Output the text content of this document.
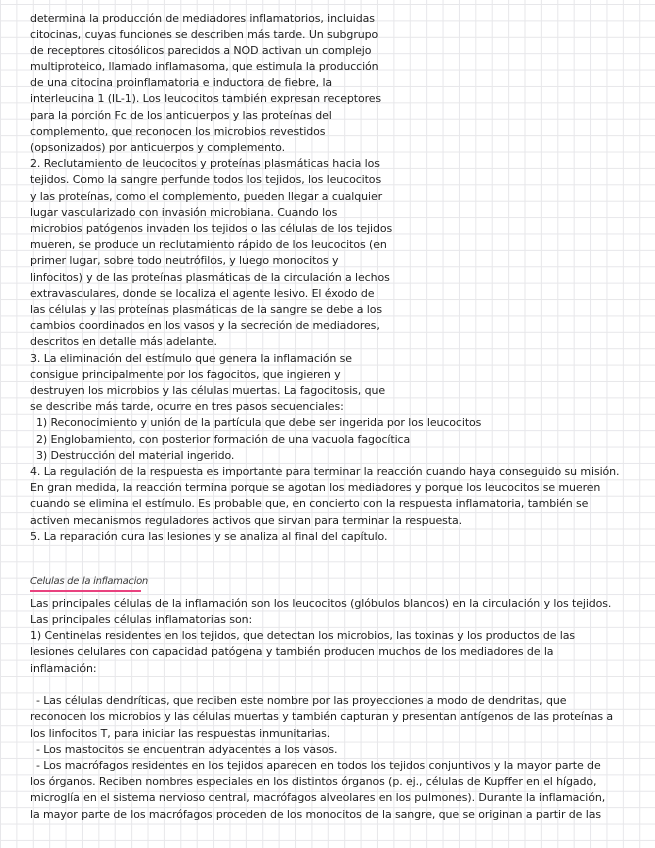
determina la producción de mediadores inflamatorios, incluidas
citocinas, cuyas funciones se describen más tarde. Un subgrupo
de receptores citosólicos parecidos a NOD activan un complejo
multiproteico, llamado inflamasoma, que estimula la producción
de una citocina proinflamatoria e inductora de fiebre, la
interleucina 1 (IL-1). Los leucocitos también expresan receptores
para la porción Fc de los anticuerpos y las proteínas del
complemento, que reconocen los microbios revestidos
(opsonizados) por anticuerpos y complemento.
2. Reclutamiento de leucocitos y proteínas plasmáticas hacia los
tejidos. Como la sangre perfunde todos los tejidos, los leucocitos
y las proteínas, como el complemento, pueden llegar a cualquier
lugar vascularizado con invasión microbiana. Cuando los
microbios patógenos invaden los tejidos o las células de los tejidos
mueren, se produce un reclutamiento rápido de los leucocitos (en
primer lugar, sobre todo neutrófilos, y luego monocitos y
linfocitos) y de las proteínas plasmáticas de la circulación a lechos
extravasculares, donde se localiza el agente lesivo. El éxodo de
las células y las proteínas plasmáticas de la sangre se debe a los
cambios coordinados en los vasos y la secreción de mediadores,
descritos en detalle más adelante.
3. La eliminación del estímulo que genera la inflamación se
consigue principalmente por los fagocitos, que ingieren y
destruyen los microbios y las células muertas. La fagocitosis, que
se describe más tarde, ocurre en tres pasos secuenciales:
1) Reconocimiento y unión de la partícula que debe ser ingerida por los leucocitos
2) Englobamiento, con posterior formación de una vacuola fagocítica
3) Destrucción del material ingerido.
4. La regulación de la respuesta es importante para terminar la reacción cuando haya conseguido su misión.
En gran medida, la reacción termina porque se agotan los mediadores y porque los leucocitos se mueren
cuando se elimina el estímulo. Es probable que, en concierto con la respuesta inflamatoria, también se
activen mecanismos reguladores activos que sirvan para terminar la respuesta.
5. La reparación cura las lesiones y se analiza al final del capítulo.
Celulas de la inflamacion
Las principales células de la inflamación son los leucocitos (glóbulos blancos) en la circulación y los tejidos.
Las principales células inflamatorias son:
1) Centinelas residentes en los tejidos, que detectan los microbios, las toxinas y los productos de las
lesiones celulares con capacidad patógena y también producen muchos de los mediadores de la
inflamación:
- Las células dendríticas, que reciben este nombre por las proyecciones a modo de dendritas, que
reconocen los microbios y las células muertas y también capturan y presentan antígenos de las proteínas a
los linfocitos T, para iniciar las respuestas inmunitarias.
- Los mastocitos se encuentran adyacentes a los vasos.
- Los macrófagos residentes en los tejidos aparecen en todos los tejidos conjuntivos y la mayor parte de
los órganos. Reciben nombres especiales en los distintos órganos (p. ej., células de Kupffer en el hígado,
microglía en el sistema nervioso central, macrófagos alveolares en los pulmones). Durante la inflamación,
la mayor parte de los macrófagos proceden de los monocitos de la sangre, que se originan a partir de las
